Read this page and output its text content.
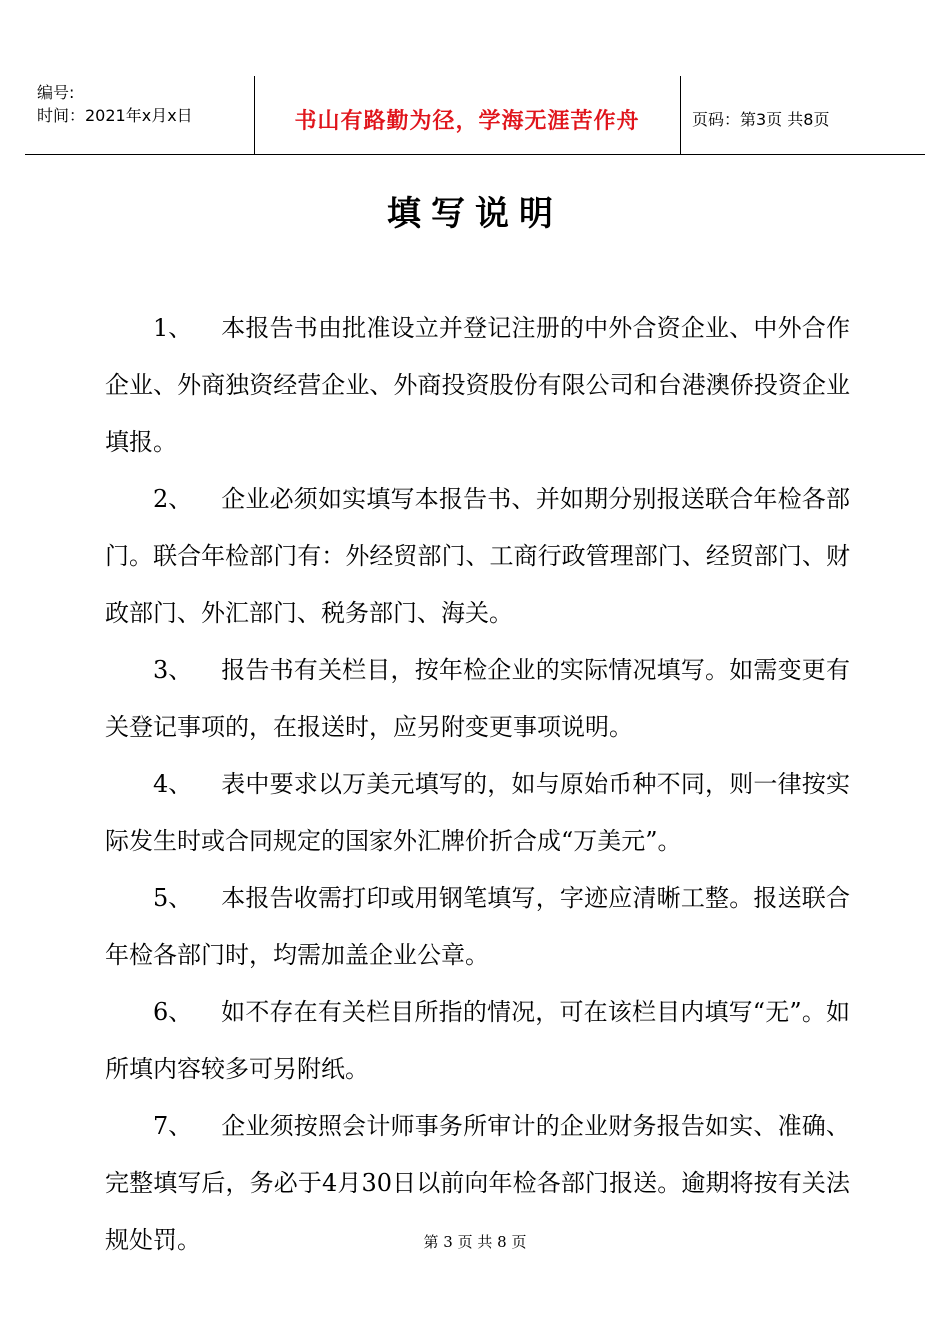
编号:
时间：2021年x月x日	书山有路勤为径，学海无涯苦作舟	页码：第3页 共8页
填写说明

1、 本报告书由批准设立并登记注册的中外合资企业、中外合作企业、外商独资经营企业、外商投资股份有限公司和台港澳侨投资企业填报。

2、 企业必须如实填写本报告书、并如期分别报送联合年检各部门。联合年检部门有：外经贸部门、工商行政管理部门、经贸部门、财政部门、外汇部门、税务部门、海关。

3、 报告书有关栏目，按年检企业的实际情况填写。如需变更有关登记事项的，在报送时，应另附变更事项说明。

4、 表中要求以万美元填写的，如与原始币种不同，则一律按实际发生时或合同规定的国家外汇牌价折合成“万美元”。

5、 本报告收需打印或用钢笔填写，字迹应清晰工整。报送联合年检各部门时，均需加盖企业公章。

6、 如不存在有关栏目所指的情况，可在该栏目内填写“无”。如所填内容较多可另附纸。

7、 企业须按照会计师事务所审计的企业财务报告如实、准确、完整填写后，务必于4月30日以前向年检各部门报送。逾期将按有关法规处罚。	第 3 页 共 8 页
